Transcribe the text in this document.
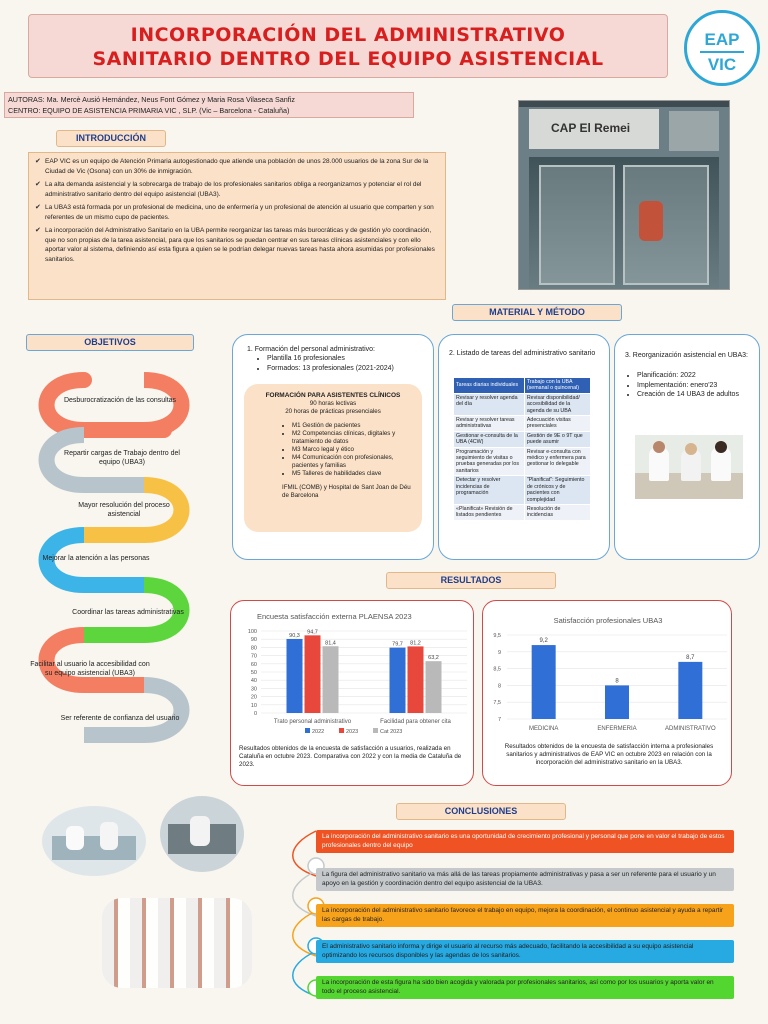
INCORPORACIÓN DEL ADMINISTRATIVO
SANITARIO DENTRO DEL EQUIPO ASISTENCIAL
EAP
VIC
AUTORAS: Ma. Mercè Ausió Hernández, Neus Font Gómez y Maria Rosa Vilaseca Sanfiz
CENTRO: EQUIPO DE ASISTENCIA PRIMARIA VIC , SLP. (Vic – Barcelona - Cataluña)
INTRODUCCIÓN
✔ EAP VIC es un equipo de Atención Primaria autogestionado que atiende una población de unos 28.000 usuarios de la zona Sur de la Ciudad de Vic (Osona) con un 30% de inmigración.
✔ La alta demanda asistencial y la sobrecarga de trabajo de los profesionales sanitarios obliga a reorganizarnos y potenciar el rol del administrativo sanitario dentro del equipo asistencial (UBA3).
✔ La UBA3 está formada por un profesional de medicina, uno de enfermería y un profesional de atención al usuario que comparten y son referentes de un mismo cupo de pacientes.
✔ La incorporación del Administrativo Sanitario en la UBA permite reorganizar las tareas más burocráticas y de gestión y/o coordinación, que no son propias de la tarea asistencial, para que los sanitarios se puedan centrar en sus tareas clínicas asistenciales y con ello aportar valor al sistema, definiendo así esta figura a quien se le podrían delegar nuevas tareas hasta ahora asumidas por profesionales sanitarios.
CAP El Remei
MATERIAL Y MÉTODO
1. Formación del personal administrativo:
• Plantilla 16 profesionales
• Formados: 13 profesionales (2021-2024)
FORMACIÓN PARA ASISTENTES CLÍNICOS
90 horas lectivas
20 horas de prácticas presenciales
• M1 Gestión de pacientes
• M2 Competencias clínicas, digitales y tratamiento de datos
• M3 Marco legal y ético
• M4 Comunicación con profesionales, pacientes y familias
• M5 Talleres de habilidades clave
IFMIL (COMB) y Hospital de Sant Joan de Déu de Barcelona
2. Listado de tareas del administrativo sanitario
Tareas diarias individuales	Trabajo con la UBA (semanal o quincenal)
Revisar y resolver agenda del día	Revisar disponibilidad/ accesibilidad de la agenda de su UBA
Revisar y resolver tareas administrativas	Adecuación visitas presenciales
Gestionar e-consulta de la UBA (4CW)	Gestión de 9E o 9T que puede asumir
Programación y seguimiento de visitas o pruebas generadas por los sanitarios	Revisar e-consulta con médico y enfermera para gestionar lo delegable
Detectar y resolver incidencias de programación	"Planificat": Seguimiento de crónicos y de pacientes con complejidad
«Planificat» Revisión de listados pendientes	Resolución de incidencias
3. Reorganización asistencial en UBA3:
• Planificación: 2022
• Implementación: enero'23
• Creación de 14 UBA3 de adultos
OBJETIVOS
Desburocratización de las consultas
Repartir cargas de Trabajo dentro del equipo (UBA3)
Mayor resolución del proceso asistencial
Mejorar la atención a las personas
Coordinar las tareas administrativas
Facilitar al usuario la accesibilidad con su equipo asistencial (UBA3)
Ser referente de confianza del usuario
RESULTADOS
Encuesta satisfacción externa PLAENSA 2023
0
10
20
30
40
50
60
70
80
90
100
90,3
94,7
81,4
Trato personal administrativo
79,7 81,2
63,2
Facilidad para obtener cita
2022	2023	Cat 2023
Resultados obtenidos de la encuesta de satisfacción a usuarios, realizada en Cataluña en octubre 2023. Comparativa con 2022 y con la media de Cataluña de 2023.
Satisfacción profesionales UBA3
7
7,5
8
8,5
9
9,5
9,2
MEDICINA
8
ENFERMERIA
8,7
ADMINISTRATIVO
Resultados obtenidos de la encuesta de satisfacción interna a profesionales sanitarios y administrativos de EAP VIC en octubre 2023 en relación con la incorporación del administrativo sanitario en la UBA3.
CONCLUSIONES
La incorporación del administrativo sanitario es una oportunidad de crecimiento profesional y personal que pone en valor el trabajo de estos profesionales dentro del equipo
La figura del administrativo sanitario va más allá de las tareas propiamente administrativas y pasa a ser un referente para el usuario y un apoyo en la gestión y coordinación dentro del equipo asistencial de la UBA3.
La incorporación del administrativo sanitario favorece el trabajo en equipo, mejora la coordinación, el continuo asistencial y ayuda a repartir las cargas de trabajo.
El administrativo sanitario informa y dirige el usuario al recurso más adecuado, facilitando la accesibilidad a su equipo asistencial optimizando los recursos disponibles y las agendas de los sanitarios.
La incorporación de esta figura ha sido bien acogida y valorada por profesionales sanitarios, así como por los usuarios y aporta valor en todo el proceso asistencial.
